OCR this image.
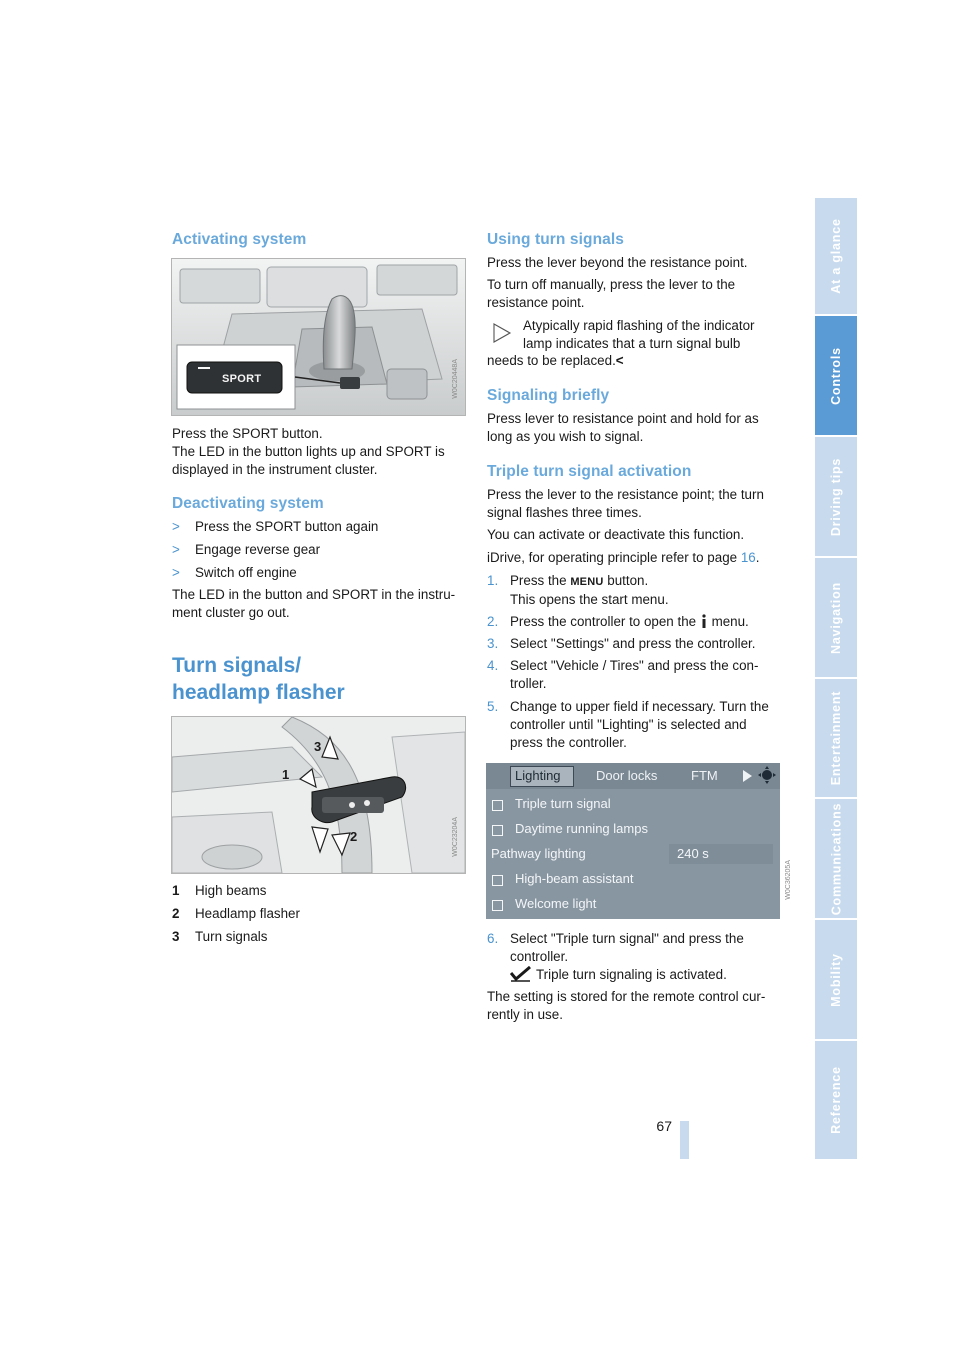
Reference
Mobility
Communications
Entertainment
Navigation
Driving tips
Controls
At a glance
67
Activating system
SPORT	W0C20448A

Press the SPORT button.

The LED in the button lights up and SPORT is displayed in the instrument cluster.

Deactivating system
> Press the SPORT button again
> Engage reverse gear
> Switch off engine
The LED in the button and SPORT in the instru-ment cluster go out.
Turn signals/
headlamp flasher
1
2
3
W0C23204A
1 High beams
2 Headlamp flasher
3 Turn signals
Using turn signals
Press the lever beyond the resistance point.
To turn off manually, press the lever to the resistance point.
Atypically rapid flashing of the indicator lamp indicates that a turn signal bulb
needs to be replaced.<
Signaling briefly
Press lever to resistance point and hold for as long as you wish to signal.
Triple turn signal activation
Press the lever to the resistance point; the turn signal flashes three times.
You can activate or deactivate this function.
iDrive, for operating principle refer to page 16.
1. Press the MENU button.
This opens the start menu.
2. Press the controller to open the menu.
3. Select "Settings" and press the controller.
4. Select "Vehicle / Tires" and press the con-troller.
5. Change to upper field if necessary. Turn the controller until "Lighting" is selected and press the controller.
Lighting	Door locks	FTM
Triple turn signal
Daytime running lamps
Pathway lighting	240 s
High-beam assistant
Welcome light
W0C36205A
6. Select "Triple turn signal" and press the controller.
Triple turn signaling is activated.
The setting is stored for the remote control cur-rently in use.
